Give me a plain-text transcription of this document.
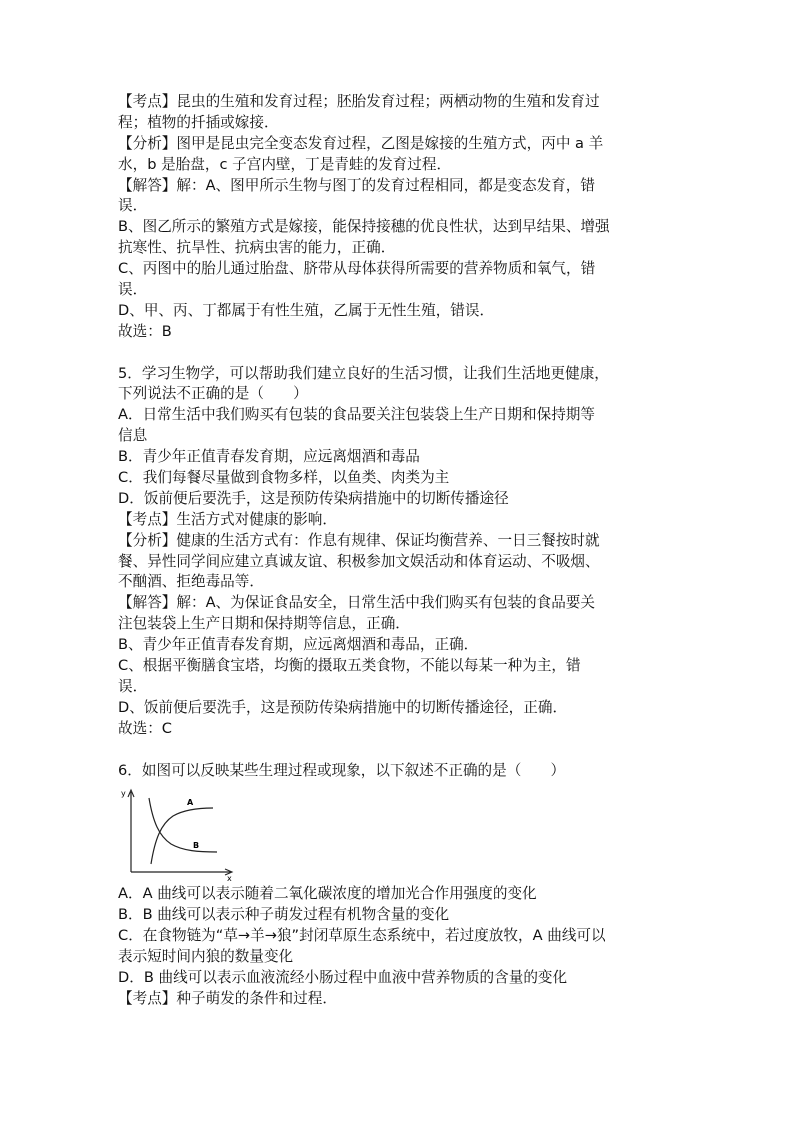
【考点】昆虫的生殖和发育过程；胚胎发育过程；两栖动物的生殖和发育过
程；植物的扦插或嫁接．
【分析】图甲是昆虫完全变态发育过程，乙图是嫁接的生殖方式，丙中 a 羊
水，b 是胎盘，c 子宫内壁，丁是青蛙的发育过程．
【解答】解：A、图甲所示生物与图丁的发育过程相同，都是变态发育，错
误．
B、图乙所示的繁殖方式是嫁接，能保持接穗的优良性状，达到早结果、增强
抗寒性、抗旱性、抗病虫害的能力，正确．
C、丙图中的胎儿通过胎盘、脐带从母体获得所需要的营养物质和氧气，错
误．
D、甲、丙、丁都属于有性生殖，乙属于无性生殖，错误．
故选：B
5．学习生物学，可以帮助我们建立良好的生活习惯，让我们生活地更健康，
下列说法不正确的是（　　）
A．日常生活中我们购买有包装的食品要关注包装袋上生产日期和保持期等
信息
B．青少年正值青春发育期，应远离烟酒和毒品
C．我们每餐尽量做到食物多样，以鱼类、肉类为主
D．饭前便后要洗手，这是预防传染病措施中的切断传播途径
【考点】生活方式对健康的影响．
【分析】健康的生活方式有：作息有规律、保证均衡营养、一日三餐按时就
餐、异性同学间应建立真诚友谊、积极参加文娱活动和体育运动、不吸烟、
不酗酒、拒绝毒品等．
【解答】解：A、为保证食品安全，日常生活中我们购买有包装的食品要关
注包装袋上生产日期和保持期等信息，正确．
B、青少年正值青春发育期，应远离烟酒和毒品，正确．
C、根据平衡膳食宝塔，均衡的摄取五类食物，不能以每某一种为主，错
误．
D、饭前便后要洗手，这是预防传染病措施中的切断传播途径，正确．
故选：C
6．如图可以反映某些生理过程或现象，以下叙述不正确的是（　　）
y
x
A
B
A．A 曲线可以表示随着二氧化碳浓度的增加光合作用强度的变化
B．B 曲线可以表示种子萌发过程有机物含量的变化
C．在食物链为“草→羊→狼”封闭草原生态系统中，若过度放牧，A 曲线可以
表示短时间内狼的数量变化
D．B 曲线可以表示血液流经小肠过程中血液中营养物质的含量的变化
【考点】种子萌发的条件和过程．
